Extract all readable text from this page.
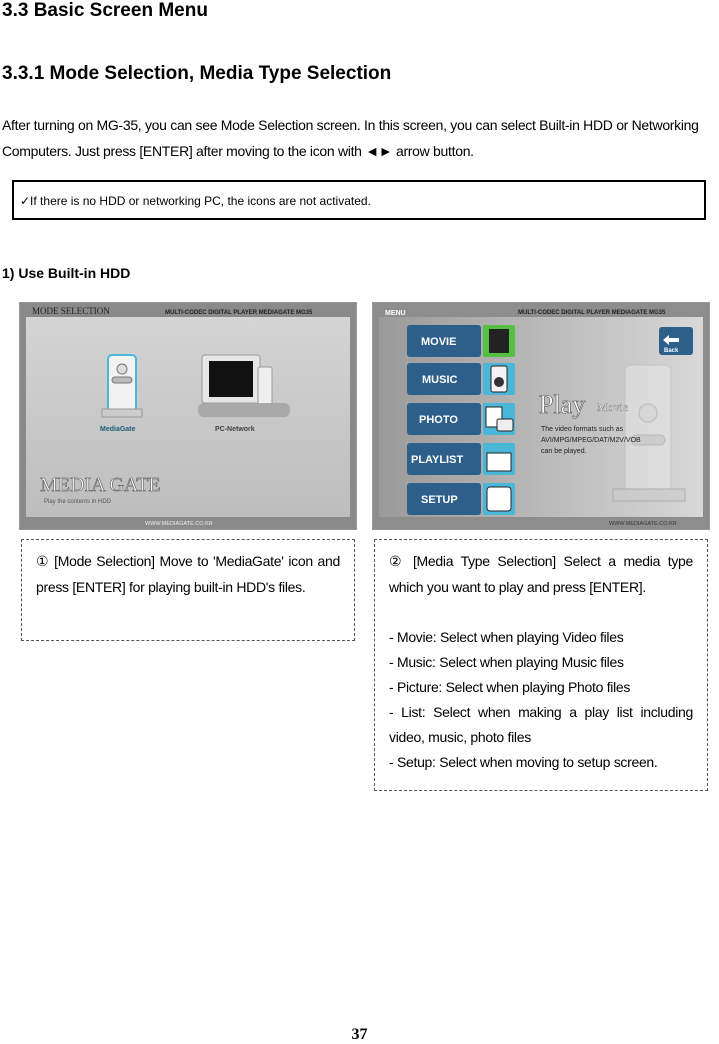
3.3 Basic Screen Menu
3.3.1 Mode Selection, Media Type Selection
After turning on MG-35, you can see Mode Selection screen. In this screen, you can select Built-in HDD or Networking
Computers. Just press [ENTER] after moving to the icon with ◄► arrow button.
✓If there is no HDD or networking PC, the icons are not activated.
1) Use Built-in HDD
MODE SELECTION	MULTI-CODEC DIGITAL PLAYER MEDIAGATE MG35
MediaGate	PC-Network
MEDIA GATE
Play the contents in HDD
WWW.MEDIAGATE.CO.KR
MENU	MULTI-CODEC DIGITAL PLAYER MEDIAGATE MG35
Back
MOVIE
MUSIC
PHOTO
PLAYLIST
SETUP
Play Movie
The video formats such as
AVI/MPG/MPEG/DAT/M2V/VOB
can be played.
WWW.MEDIAGATE.CO.KR
① [Mode Selection] Move to 'MediaGate' icon and press [ENTER] for playing built-in HDD's files.
② [Media Type Selection] Select a media type which you want to play and press [ENTER].
- Movie: Select when playing Video files
- Music: Select when playing Music files
- Picture: Select when playing Photo files
- List: Select when making a play list including video, music, photo files
- Setup: Select when moving to setup screen.
37
